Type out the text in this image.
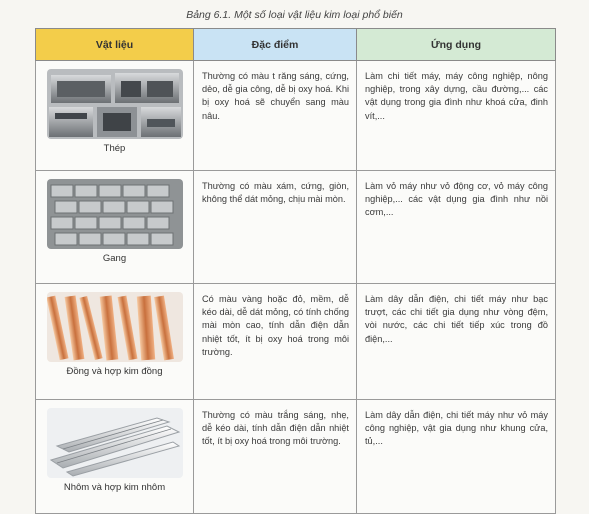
Bảng 6.1. Một số loại vật liệu kim loại phổ biến
Vật liệu	Đặc điểm	Ứng dụng

Thép	Thường có màu t răng sáng, cứng, dẻo, dễ gia công, dễ bị oxy hoá. Khi bị oxy hoá sẽ chuyển sang màu nâu.	Làm chi tiết máy, máy công nghiệp, nông nghiệp, trong xây dựng, cầu đường,... các vật dụng trong gia đình như khoá cửa, đinh vít,...

Gang	Thường có màu xám, cứng, giòn, không thể dát mỏng, chịu mài mòn.	Làm vỏ máy như vỏ động cơ, vỏ máy công nghiệp,... các vật dụng gia đình như nồi cơm,...

Đồng và hợp kim đồng	Có màu vàng hoặc đỏ, mềm, dễ kéo dài, dễ dát mỏng, có tính chống mài mòn cao, tính dẫn điện dẫn nhiệt tốt, ít bị oxy hoá trong môi trường.	Làm dây dẫn điện, chi tiết máy như bạc trượt, các chi tiết gia dụng như vòng đệm, vòi nước, các chi tiết tiếp xúc trong đồ điện,...

Nhôm và hợp kim nhôm	Thường có màu trắng sáng, nhẹ, dễ kéo dài, tính dẫn điện dẫn nhiệt tốt, ít bị oxy hoá trong môi trường.	Làm dây dẫn điện, chi tiết máy như vỏ máy công nghiệp, vật gia dụng như khung cửa, tủ,...
